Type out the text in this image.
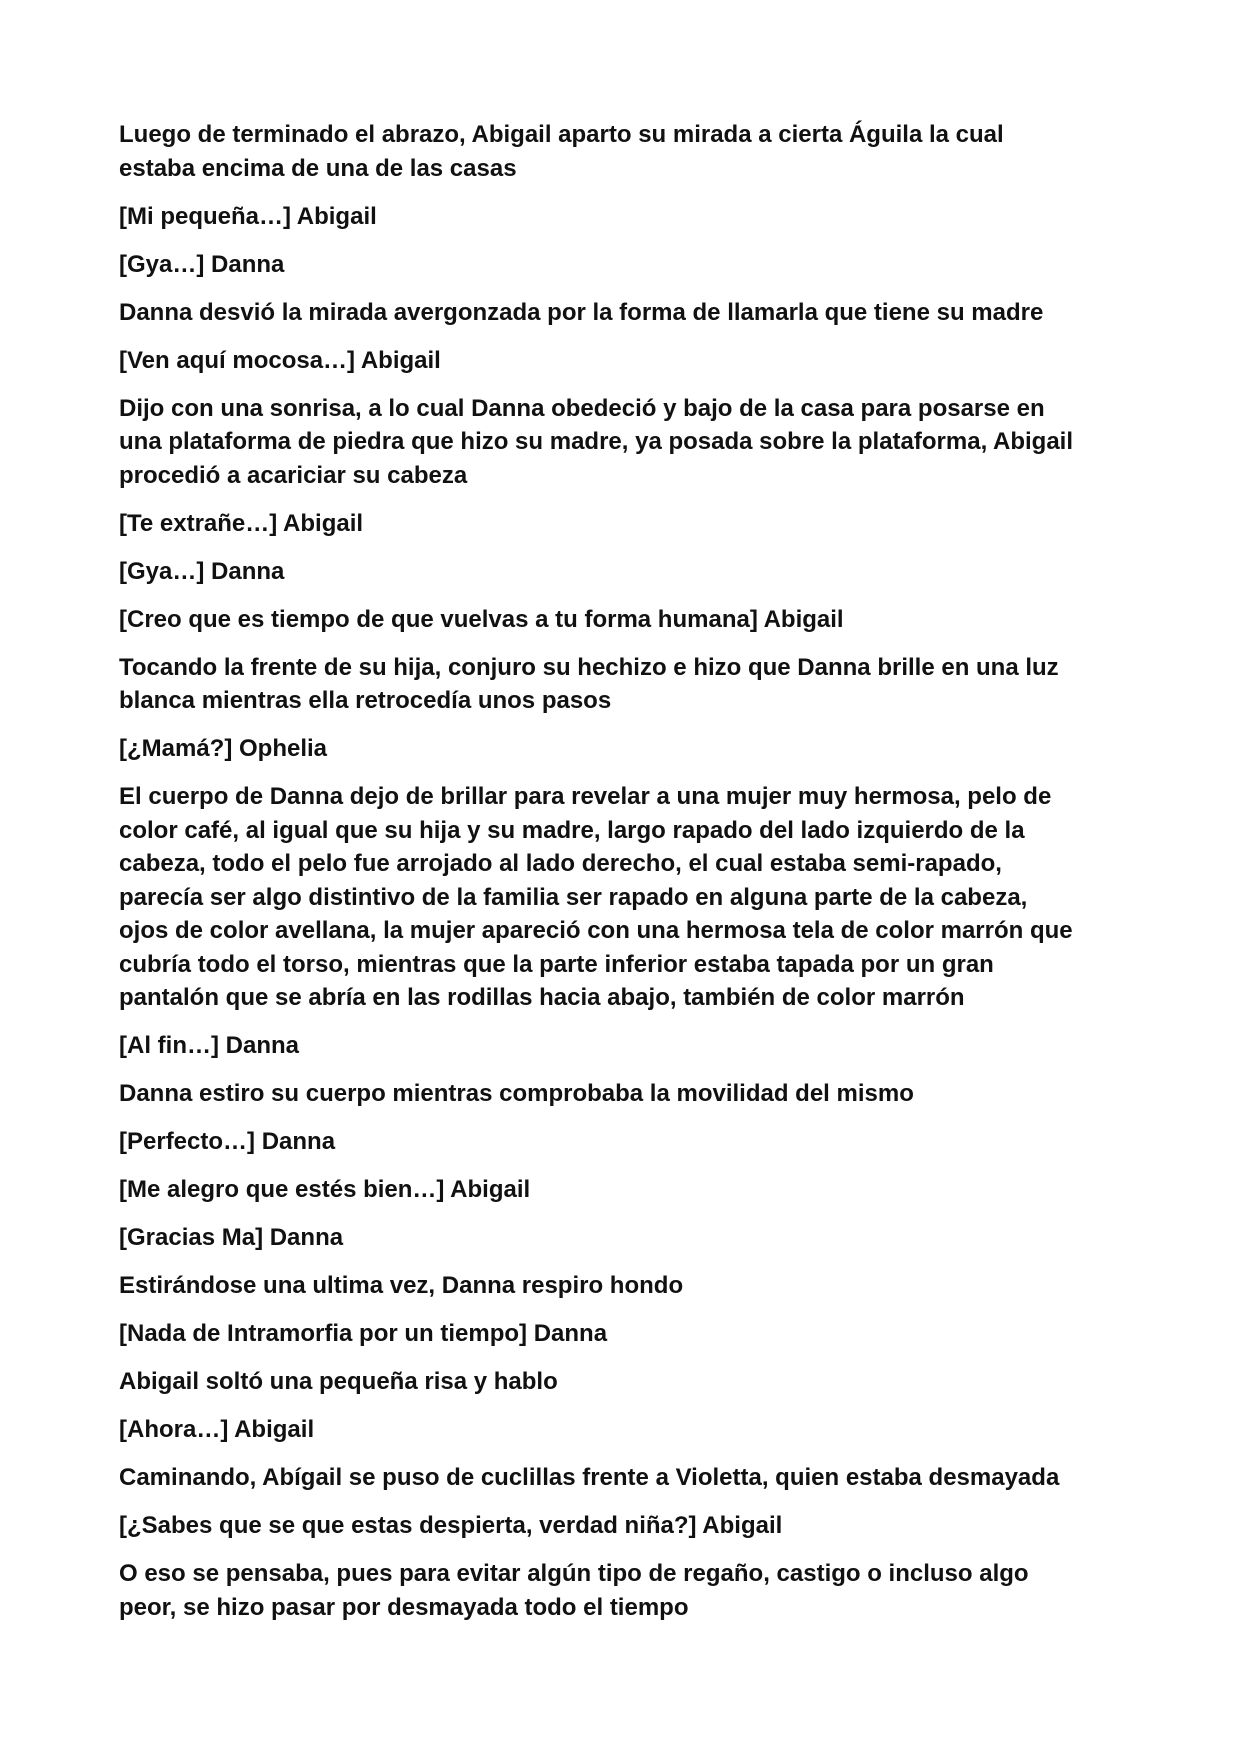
Luego de terminado el abrazo, Abigail aparto su mirada a cierta Águila la cual
estaba encima de una de las casas

[Mi pequeña…] Abigail

[Gya…] Danna

Danna desvió la mirada avergonzada por la forma de llamarla que tiene su madre

[Ven aquí mocosa…] Abigail

Dijo con una sonrisa, a lo cual Danna obedeció y bajo de la casa para posarse en
una plataforma de piedra que hizo su madre, ya posada sobre la plataforma, Abigail
procedió a acariciar su cabeza

[Te extrañe…] Abigail

[Gya…] Danna

[Creo que es tiempo de que vuelvas a tu forma humana] Abigail

Tocando la frente de su hija, conjuro su hechizo e hizo que Danna brille en una luz
blanca mientras ella retrocedía unos pasos

[¿Mamá?] Ophelia

El cuerpo de Danna dejo de brillar para revelar a una mujer muy hermosa, pelo de
color café, al igual que su hija y su madre, largo rapado del lado izquierdo de la
cabeza, todo el pelo fue arrojado al lado derecho, el cual estaba semi-rapado,
parecía ser algo distintivo de la familia ser rapado en alguna parte de la cabeza,
ojos de color avellana, la mujer apareció con una hermosa tela de color marrón que
cubría todo el torso, mientras que la parte inferior estaba tapada por un gran
pantalón que se abría en las rodillas hacia abajo, también de color marrón

[Al fin…] Danna

Danna estiro su cuerpo mientras comprobaba la movilidad del mismo

[Perfecto…] Danna

[Me alegro que estés bien…] Abigail

[Gracias Ma] Danna

Estirándose una ultima vez, Danna respiro hondo

[Nada de Intramorfia por un tiempo] Danna

Abigail soltó una pequeña risa y hablo

[Ahora…] Abigail

Caminando, Abígail se puso de cuclillas frente a Violetta, quien estaba desmayada

[¿Sabes que se que estas despierta, verdad niña?] Abigail

O eso se pensaba, pues para evitar algún tipo de regaño, castigo o incluso algo
peor, se hizo pasar por desmayada todo el tiempo
